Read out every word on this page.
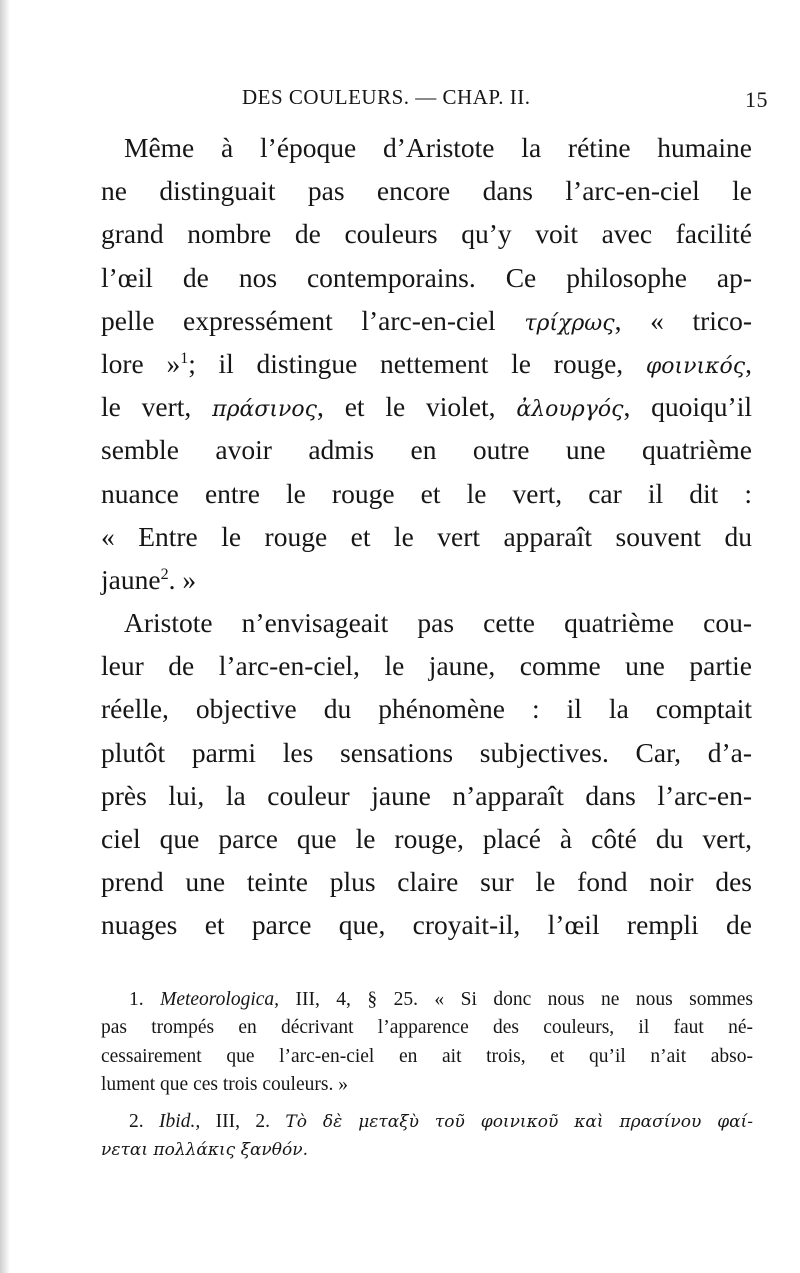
DES COULEURS. — CHAP. II.	15
Même à l’époque d’Aristote la rétine humaine
ne distinguait pas encore dans l’arc-en-ciel le
grand nombre de couleurs qu’y voit avec facilité
l’œil de nos contemporains. Ce philosophe ap-
pelle expressément l’arc-en-ciel τρίχρως, « trico-
lore »$^1$; il distingue nettement le rouge, φοινικός,
le vert, πράσινος, et le violet, ἀλουργός, quoiqu’il
semble avoir admis en outre une quatrième
nuance entre le rouge et le vert, car il dit :
« Entre le rouge et le vert apparaît souvent du
jaune$^2$. »
Aristote n’envisageait pas cette quatrième cou-
leur de l’arc-en-ciel, le jaune, comme une partie
réelle, objective du phénomène : il la comptait
plutôt parmi les sensations subjectives. Car, d’a-
près lui, la couleur jaune n’apparaît dans l’arc-en-
ciel que parce que le rouge, placé à côté du vert,
prend une teinte plus claire sur le fond noir des
nuages et parce que, croyait-il, l’œil rempli de
1. Meteorologica, III, 4, § 25. « Si donc nous ne nous sommes
pas trompés en décrivant l’apparence des couleurs, il faut né-
cessairement que l’arc-en-ciel en ait trois, et qu’il n’ait abso-
lument que ces trois couleurs. »
2. Ibid., III, 2. Τὸ δὲ μεταξὺ τοῦ φοινικοῦ καὶ πρασίνου φαί-
νεται πολλάκις ξανθόν.
